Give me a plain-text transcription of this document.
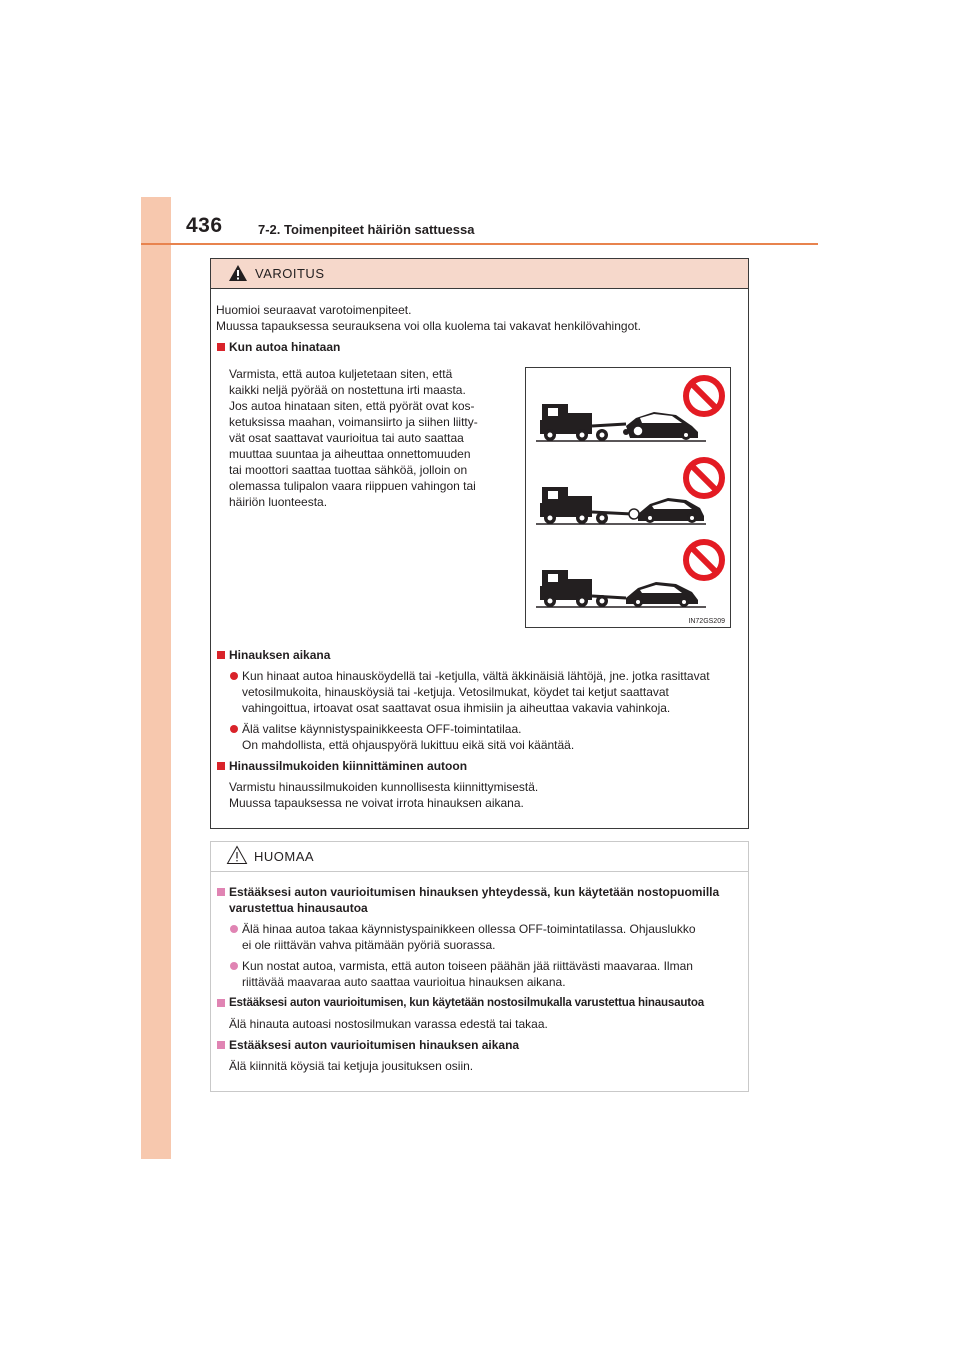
436	7-2. Toimenpiteet häiriön sattuessa
VAROITUS
Huomioi seuraavat varotoimenpiteet.
Muussa tapauksessa seurauksena voi olla kuolema tai vakavat henkilövahingot.
Kun autoa hinataan
Varmista, että autoa kuljetetaan siten, että
kaikki neljä pyörää on nostettuna irti maasta.
Jos autoa hinataan siten, että pyörät ovat kos-
ketuksissa maahan, voimansiirto ja siihen liitty-
vät osat saattavat vaurioitua tai auto saattaa
muuttaa suuntaa ja aiheuttaa onnettomuuden
tai moottori saattaa tuottaa sähköä, jolloin on
olemassa tulipalon vaara riippuen vahingon tai
häiriön luonteesta.
IN72GS209
Hinauksen aikana
Kun hinaat autoa hinausköydellä tai -ketjulla, vältä äkkinäisiä lähtöjä, jne. jotka rasittavat
vetosilmukoita, hinausköysiä tai -ketjuja. Vetosilmukat, köydet tai ketjut saattavat
vahingoittua, irtoavat osat saattavat osua ihmisiin ja aiheuttaa vakavia vahinkoja.
Älä valitse käynnistyspainikkeesta OFF-toimintatilaa.
On mahdollista, että ohjauspyörä lukittuu eikä sitä voi kääntää.
Hinaussilmukoiden kiinnittäminen autoon
Varmistu hinaussilmukoiden kunnollisesta kiinnittymisestä.
Muussa tapauksessa ne voivat irrota hinauksen aikana.
HUOMAA
Estääksesi auton vaurioitumisen hinauksen yhteydessä, kun käytetään nostopuomilla
varustettua hinausautoa
Älä hinaa autoa takaa käynnistyspainikkeen ollessa OFF-toimintatilassa. Ohjauslukko
ei ole riittävän vahva pitämään pyöriä suorassa.
Kun nostat autoa, varmista, että auton toiseen päähän jää riittävästi maavaraa. Ilman
riittävää maavaraa auto saattaa vaurioitua hinauksen aikana.
Estääksesi auton vaurioitumisen, kun käytetään nostosilmukalla varustettua hinausautoa
Älä hinauta autoasi nostosilmukan varassa edestä tai takaa.
Estääksesi auton vaurioitumisen hinauksen aikana
Älä kiinnitä köysiä tai ketjuja jousituksen osiin.
